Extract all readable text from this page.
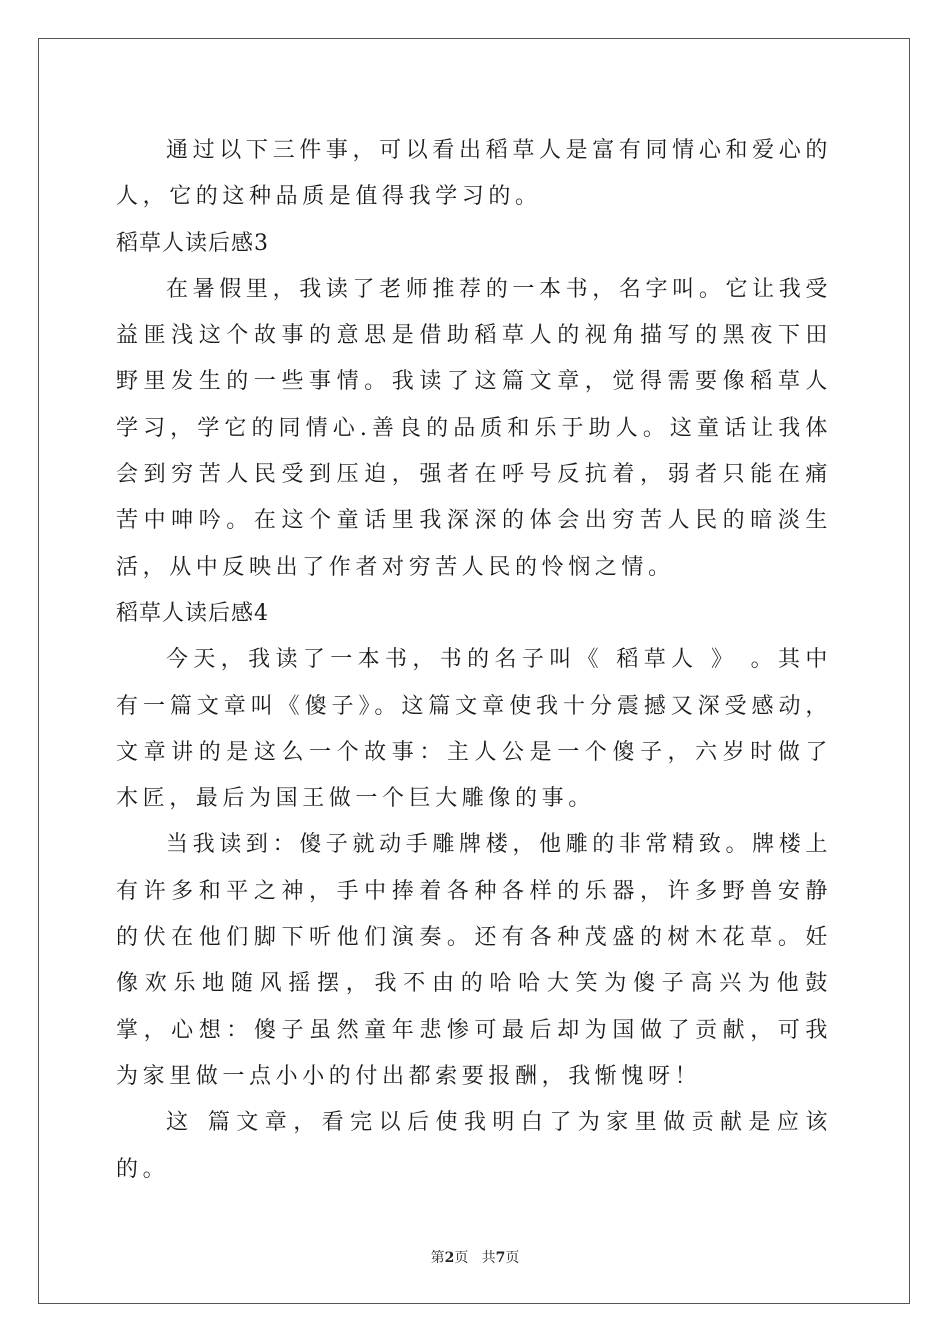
通过以下三件事，可以看出稻草人是富有同情心和爱心的人，它的这种品质是值得我学习的。

稻草人读后感3

在暑假里，我读了老师推荐的一本书，名字叫。它让我受益匪浅这个故事的意思是借助稻草人的视角描写的黑夜下田野里发生的一些事情。我读了这篇文章，觉得需要像稻草人学习，学它的同情心.善良的品质和乐于助人。这童话让我体会到穷苦人民受到压迫，强者在呼号反抗着，弱者只能在痛苦中呻吟。在这个童话里我深深的体会出穷苦人民的暗淡生活，从中反映出了作者对穷苦人民的怜悯之情。

稻草人读后感4

今天，我读了一本书，书的名子叫《 稻草人 》 。其中有一篇文章叫《傻子》。这篇文章使我十分震撼又深受感动，文章讲的是这么一个故事：主人公是一个傻子，六岁时做了木匠，最后为国王做一个巨大雕像的事。

当我读到：傻子就动手雕牌楼，他雕的非常精致。牌楼上有许多和平之神，手中捧着各种各样的乐器，许多野兽安静的伏在他们脚下听他们演奏。还有各种茂盛的树木花草。妊像欢乐地随风摇摆，我不由的哈哈大笑为傻子高兴为他鼓掌，心想：傻子虽然童年悲惨可最后却为国做了贡献，可我为家里做一点小小的付出都索要报酬，我惭愧呀！

这 篇文章，看完以后使我明白了为家里做贡献是应该的。

第2页 共7页
